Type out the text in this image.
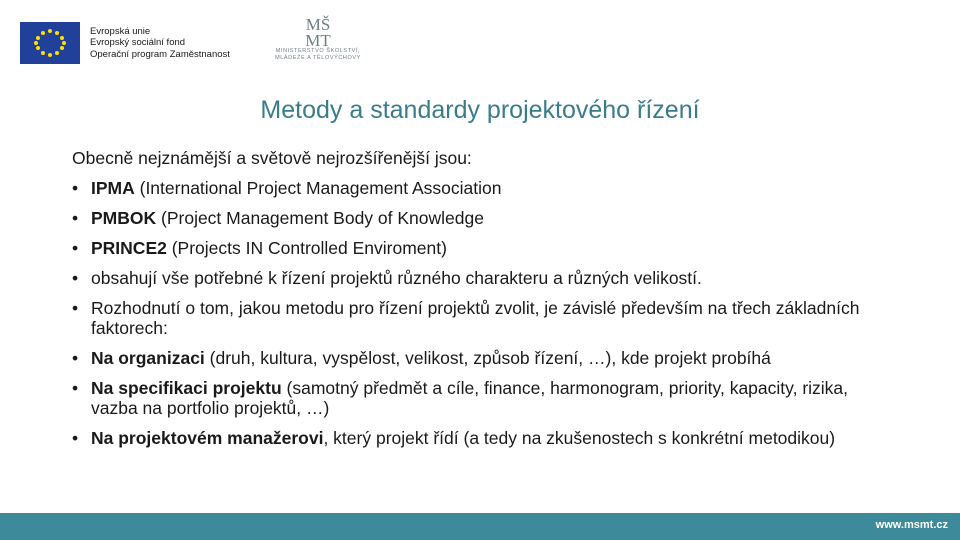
Evropská unie
Evropský sociální fond
Operační program Zaměstnanost
MŠ
MT
MINISTERSTVO ŠKOLSTVÍ,
MLÁDEŽE A TĚLOVÝCHOVY
Metody a standardy projektového řízení
Obecně nejznámější a světově nejrozšířenější jsou:
• IPMA (International Project Management Association
• PMBOK (Project Management Body of Knowledge
• PRINCE2 (Projects IN Controlled Enviroment)
• obsahují vše potřebné k řízení projektů různého charakteru a různých velikostí.
• Rozhodnutí o tom, jakou metodu pro řízení projektů zvolit, je závislé především na třech základních faktorech:
• Na organizaci (druh, kultura, vyspělost, velikost, způsob řízení, …), kde projekt probíhá
• Na specifikaci projektu (samotný předmět a cíle, finance, harmonogram, priority, kapacity, rizika, vazba na portfolio projektů, …)
• Na projektovém manažerovi, který projekt řídí (a tedy na zkušenostech s konkrétní metodikou)
www.msmt.cz
